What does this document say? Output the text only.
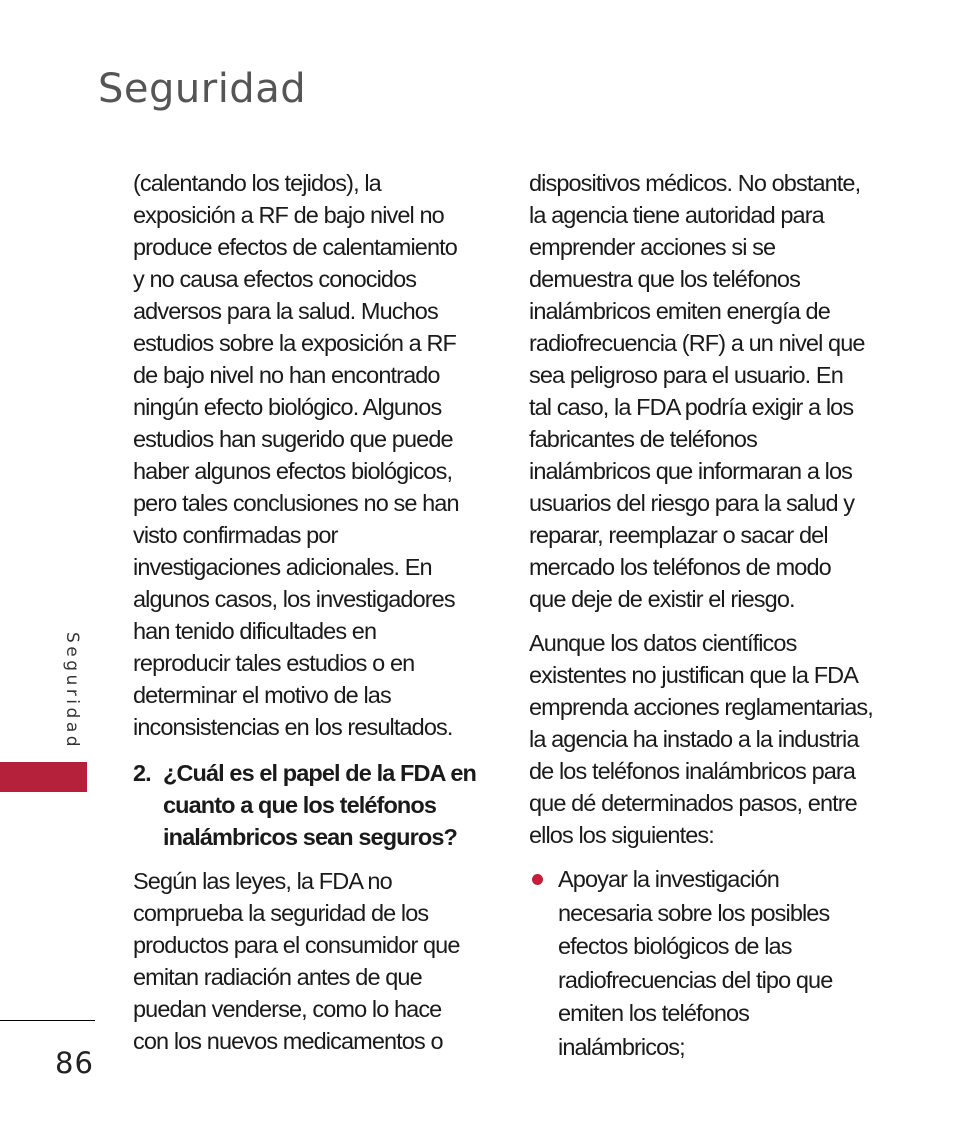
Seguridad
Seguridad
86

(calentando los tejidos), la
exposición a RF de bajo nivel no
produce efectos de calentamiento
y no causa efectos conocidos
adversos para la salud. Muchos
estudios sobre la exposición a RF
de bajo nivel no han encontrado
ningún efecto biológico. Algunos
estudios han sugerido que puede
haber algunos efectos biológicos,
pero tales conclusiones no se han
visto confirmadas por
investigaciones adicionales. En
algunos casos, los investigadores
han tenido dificultades en
reproducir tales estudios o en
determinar el motivo de las
inconsistencias en los resultados.

2. ¿Cuál es el papel de la FDA en
cuanto a que los teléfonos
inalámbricos sean seguros?

Según las leyes, la FDA no
comprueba la seguridad de los
productos para el consumidor que
emitan radiación antes de que
puedan venderse, como lo hace
con los nuevos medicamentos o

dispositivos médicos. No obstante,
la agencia tiene autoridad para
emprender acciones si se
demuestra que los teléfonos
inalámbricos emiten energía de
radiofrecuencia (RF) a un nivel que
sea peligroso para el usuario. En
tal caso, la FDA podría exigir a los
fabricantes de teléfonos
inalámbricos que informaran a los
usuarios del riesgo para la salud y
reparar, reemplazar o sacar del
mercado los teléfonos de modo
que deje de existir el riesgo.

Aunque los datos científicos
existentes no justifican que la FDA
emprenda acciones reglamentarias,
la agencia ha instado a la industria
de los teléfonos inalámbricos para
que dé determinados pasos, entre
ellos los siguientes:

Apoyar la investigación
necesaria sobre los posibles
efectos biológicos de las
radiofrecuencias del tipo que
emiten los teléfonos
inalámbricos;
